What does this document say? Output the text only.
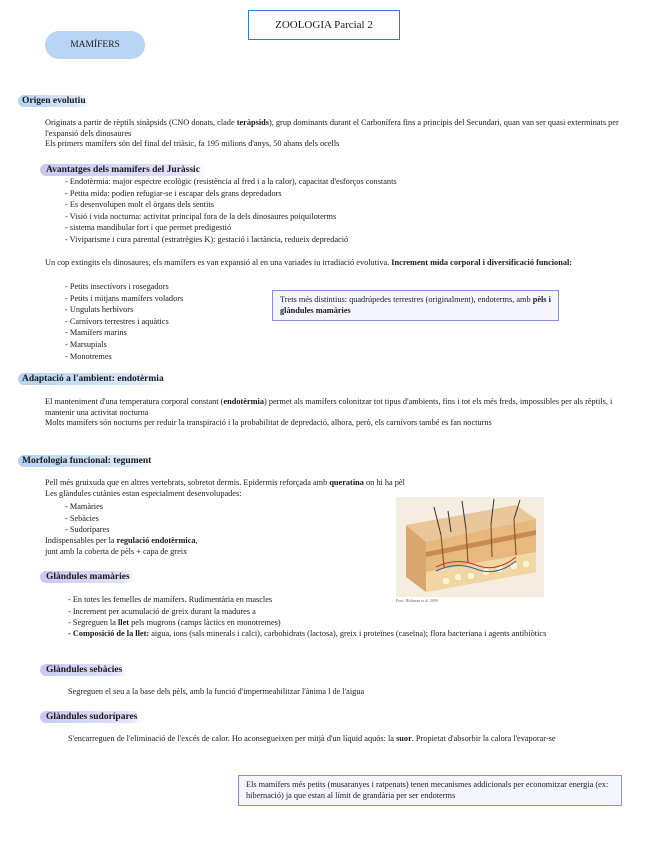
ZOOLOGIA Parcial 2
MAMÍFERS
Origen evolutiu
Originats a partir de rèptils sinàpsids (CNO donats, clade teràpsids), grup dominants durant el Carbonífera fins a principis del Secundari, quan van ser quasi exterminats per l'expansió dels dinosaures
Els primers mamífers són del final del triàsic, fa 195 milions d'anys, 50 abans dels ocells
Avantatges dels mamífers del Juràssic
- Endotèrmia: major espectre ecològic (resistència al fred i a la calor), capacitat d'esforços constants
- Petita mida: podien refugiar-se i escapar dels grans depredadors
- Es desenvolupen molt el òrgans dels sentits
- Visió i vida nocturna: activitat principal fora de la dels dinosaures poiquiloterms
- sistema mandibular fort i que permet predigestió
- Viviparisme i cura parental (estratrègies K): gestació i lactància, redueix depredació
Un cop extingits els dinosaures, els mamífers es van expansió al en una variades iu irradiació evolutiva. Increment mida corporal i diversificació funcional:
- Petits insectívors i rosegadors
- Petits i mitjans mamífers voladors
- Ungulats herbívors
- Carnívors terrestres i aquàtics
- Mamífers marins
- Marsupials
- Monotremes
Trets més distintius: quadrúpedes terrestres (originalment), endoterms, amb pèls i glàndules mamàries
Adaptació a l'ambient: endotèrmia
El manteniment d'una temperatura corporal constant (endotèrmia) permet als mamífers colonitzar tot tipus d'ambients, fins i tot els més freds, impossibles per als rèptils, i mantenir una activitat nocturna
Molts mamífers són nocturns per reduir la transpiració i la probabilitat de depredació, alhora, però, els carnívors també es fan nocturns
Morfologia funcional: tegument
Pell més gruixuda que en altres vertebrats, sobretot dermis. Epidermis reforçada amb queratina on hi ha pèl
Les glàndules cutànies estan especialment desenvolupades:
- Mamàries
- Sebàcies
- Sudorípares
Indispensables per la regulació endotèrmica,
junt amb la coberta de pèls + capa de greix
Font: Hickman et al. 2009
Glàndules mamàries
- En totes les femelles de mamífers. Rudimentària en mascles
- Increment per acumulació de greix durant la madures a
- Segreguen la llet pels mugrons (camps làctics en monotremes)
- Composició de la llet: aigua, ions (sals minerals i calci), carbohidrats (lactosa), greix i proteïnes (caseïna); flora bacteriana i agents antibiòtics
Glàndules sebàcies
Segreguen el seu a la base dels pèls, amb la funció d'impermeabilitzar l'ànima l de l'aigua
Glàndules sudorípares
S'encarreguen de l'eliminació de l'excés de calor. Ho aconsegueixen per mitjà d'un líquid aquós: la suor. Propietat d'absorbir la calora l'evaporar-se
Els mamífers més petits (musaranyes i ratpenats) tenen mecanismes addicionals per economitzar energia (ex: hibernació) ja que estan al límit de grandària per ser endoterms
